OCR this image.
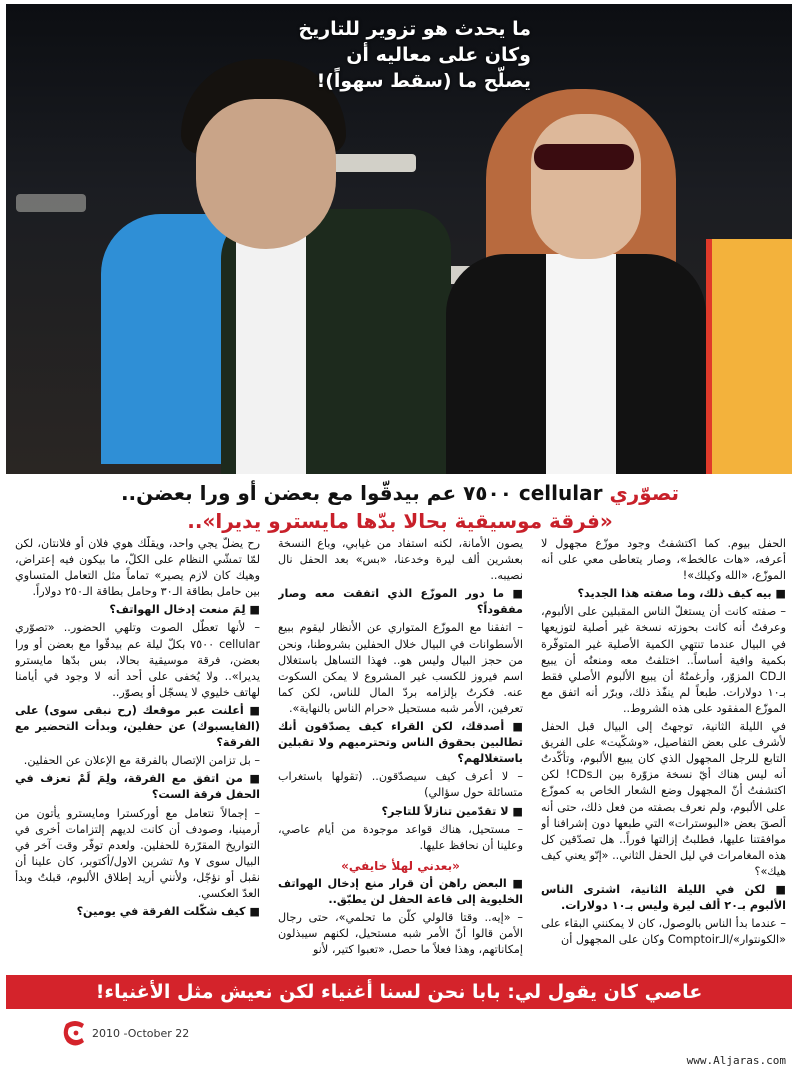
ما يحدث هو تزوير للتاريخ وكان على معاليه أن يصلّح ما (سقط سهواً)!
تصوّري cellular ٧٥٠٠ عم بيدقّوا مع بعضن أو ورا بعضن..
«فرقة موسيقية بحالا بدّها مايسترو يديرا»..

الحفل بيوم. كما اكتشفتُ وجود موزّع مجهول لا أعرفه، «هات عالخط»، وصار يتعاطى معي على أنه الموزّع، «الله وكيلك»!

■ بيه كيف ذلك، وما صفته هذا الجديد؟

– صفته كانت أن يستغلّ الناس المقبلين على الألبوم، وعرفتُ أنه كانت بحوزته نسخة غير أصلية لتوزيعها في البيال عندما تنتهي الكمية الأصلية غير المتوفّرة بكمية وافية أساساً.. اختلفتُ معه ومنعتُه أن يبيع الـCD المزوّر، وأرغمتُهُ أن يبيع الألبوم الأصلي فقط بـ١٠ دولارات. طبعاً لم ينفّذ ذلك، وبرّر أنه اتفق مع الموزّع المفقود على هذه الشروط..

في الليلة الثانية، توجهتُ إلى البيال قبل الحفل لأشرف على بعض التفاصيل، «وشكّيت» على الفريق التابع للرجل المجهول الذي كان يبيع الألبوم، وتأكّدتُ أنه ليس هناك أيّ نسخة مزوّرة بين الـCDs! لكن اكتشفتُ أنّ المجهول وضع الشعار الخاص به كموزّع على الألبوم، ولم نعرف بصفته من فعل ذلك، حتى أنه ألصقَ بعض «البوسترات» التي طبعها دون إشرافنا أو موافقتنا عليها، فطلبتُ إزالتها فوراً.. هل تصدّقين كل هذه المغامرات في ليل الحفل الثاني.. «إنّو يعني كيف هيك»؟

■ لكن في الليلة الثانية، اشترى الناس الألبوم بـ٢٠ ألف ليرة وليس بـ١٠ دولارات.

– عندما بدأ الناس بالوصول، كان لا يمكنني البقاء على «الكونتوار»/الـComptoir وكان على المجهول أن

يصون الأمانة، لكنه استفاد من غيابي، وباع النسخة بعشرين ألف ليرة وخدعنا، «بس» بعد الحفل نال نصيبه..

■ ما دور الموزّع الذي اتفقت معه وصار مفقوداً؟

– اتفقنا مع الموزّع المتواري عن الأنظار ليقوم ببيع الأسطوانات في البيال خلال الحفلين بشروطنا، ونحن من حجز البيال وليس هو.. فهذا التساهل باستغلال اسم فيروز للكسب غير المشروع لا يمكن السكوت عنه. فكرتُ بإلزامه بردّ المال للناس، لكن كما تعرفين، الأمر شبه مستحيل «حرام الناس بالنهاية».

■ أصدقك، لكن القراء كيف يصدّقون أنك تطالبين بحقوق الناس وتحترميهم ولا تقبلين باستغلالهم؟

– لا أعرف كيف سيصدّقون.. (تقولها باستغراب متسائلة حول سؤالي)

■ لا تقدّمين تنازلاً للتاجر؟

– مستحيل، هناك قواعد موجودة من أيام عاصي، وعلينا أن نحافظ عليها.

«بعدني لهلأ خايفي»

■ البعض راهن أن قرار منع إدخال الهواتف الخليوية إلى قاعة الحفل لن يطبّق..

– «إيه.. وقتا قالولي كلّن ما تحلمي»، حتى رجال الأمن قالوا أنّ الأمر شبه مستحيل، لكنهم سيبذلون إمكاناتهم، وهذا فعلاً ما حصل، «تعبوا كتير، لأنو

رح يضلّ يجي واحد، ويقلّك هوي فلان أو فلانتان، لكن لمّا تمشّي النظام على الكلّ، ما بيكون فيه إعتراض، وهيك كان لازم يصير» تماماً مثل التعامل المتساوي بين حامل بطاقة الـ٣٠ وحامل بطاقة الـ٢٥٠ دولاراً.

■ لِمَ منعت إدخال الهواتف؟

– لأنها تعطّل الصوت وتلهي الحضور.. «تصوّري cellular ٧٥٠٠ بكلّ ليلة عم بيدقّوا مع بعضن أو ورا بعضن، فرقة موسيقية بحالا، بس بدّها مايسترو يديرا».. ولا يُخفى على أحد أنه لا وجود في أيامنا لهاتف خليوي لا يسجّل أو يصوّر..

■ أعلنت عبر موقعك (رح نبقى سوى) على (الفايسبوك) عن حفلين، وبدأت التحضير مع الفرقة؟

– بل تزامن الإتصال بالفرقة مع الإعلان عن الحفلين.

■ من اتفق مع الفرقة، ولِمَ لَمْ تعزف في الحفل فرقة الست؟

– إجمالاً نتعامل مع أوركسترا ومايسترو يأتون من أرمينيا، وصودف أن كانت لديهم إلتزامات أخرى في التواريخ المقرّرة للحفلين. ولعدم توفّر وقت آخر في البيال سوى ٧ و٨ تشرين الاول/أكتوبر، كان علينا أن نقبل أو نؤجّل، ولأنني أريد إطلاق الألبوم، قبلتُ وبدأ العدّ العكسي.

■ كيف شكّلت الفرقة في يومين؟

عاصي كان يقول لي: بابا نحن لسنا أغنياء لكن نعيش مثل الأغنياء!
2010 -October 22
www.Aljaras.com
